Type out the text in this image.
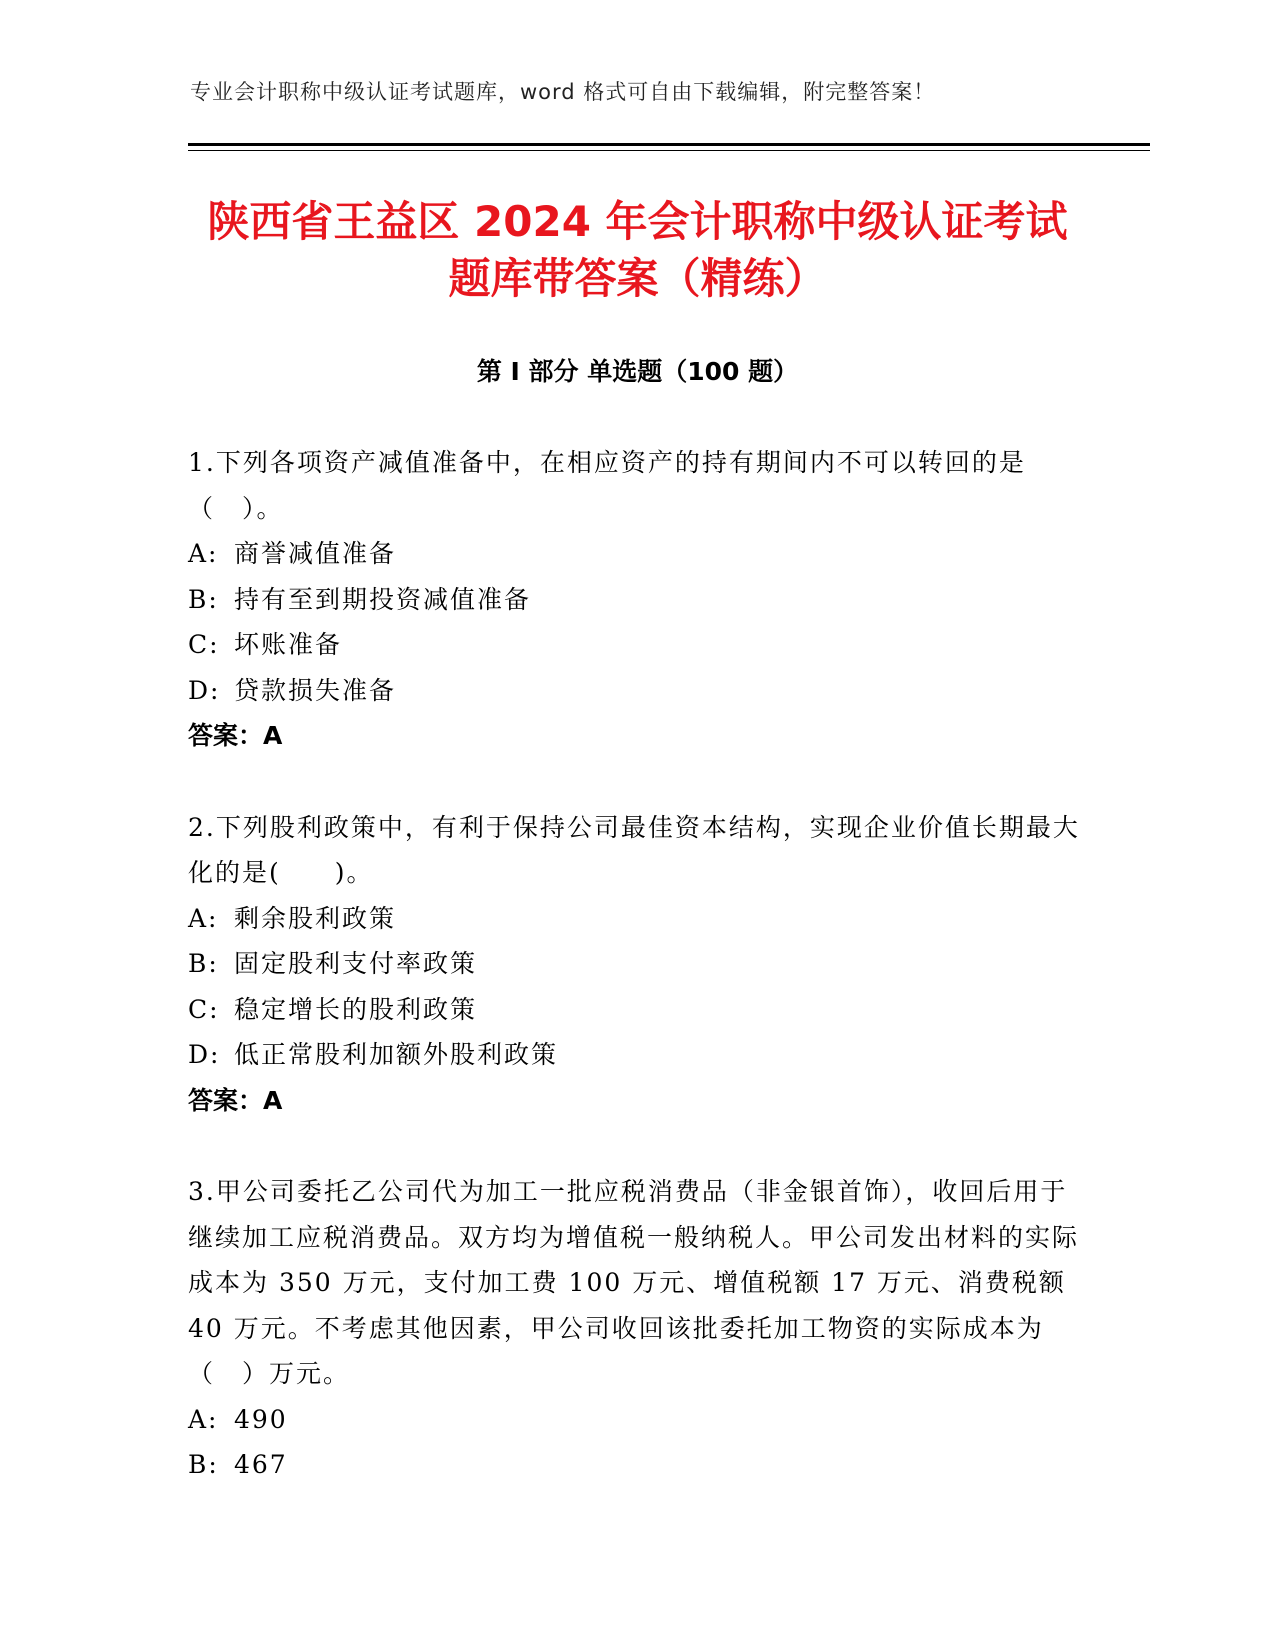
专业会计职称中级认证考试题库，word 格式可自由下载编辑，附完整答案！
陕西省王益区 2024 年会计职称中级认证考试
题库带答案（精练）
第 I 部分 单选题（100 题）

1.下列各项资产减值准备中，在相应资产的持有期间内不可以转回的是（　）。

A: 商誉减值准备
B: 持有至到期投资减值准备
C: 坏账准备
D: 贷款损失准备
答案：A

2.下列股利政策中，有利于保持公司最佳资本结构，实现企业价值长期最大化的是(　　)。

A: 剩余股利政策
B: 固定股利支付率政策
C: 稳定增长的股利政策
D: 低正常股利加额外股利政策
答案：A

3.甲公司委托乙公司代为加工一批应税消费品（非金银首饰），收回后用于继续加工应税消费品。双方均为增值税一般纳税人。甲公司发出材料的实际成本为 350 万元，支付加工费 100 万元、增值税额 17 万元、消费税额 40 万元。不考虑其他因素，甲公司收回该批委托加工物资的实际成本为（　）万元。

A: 490
B: 467
